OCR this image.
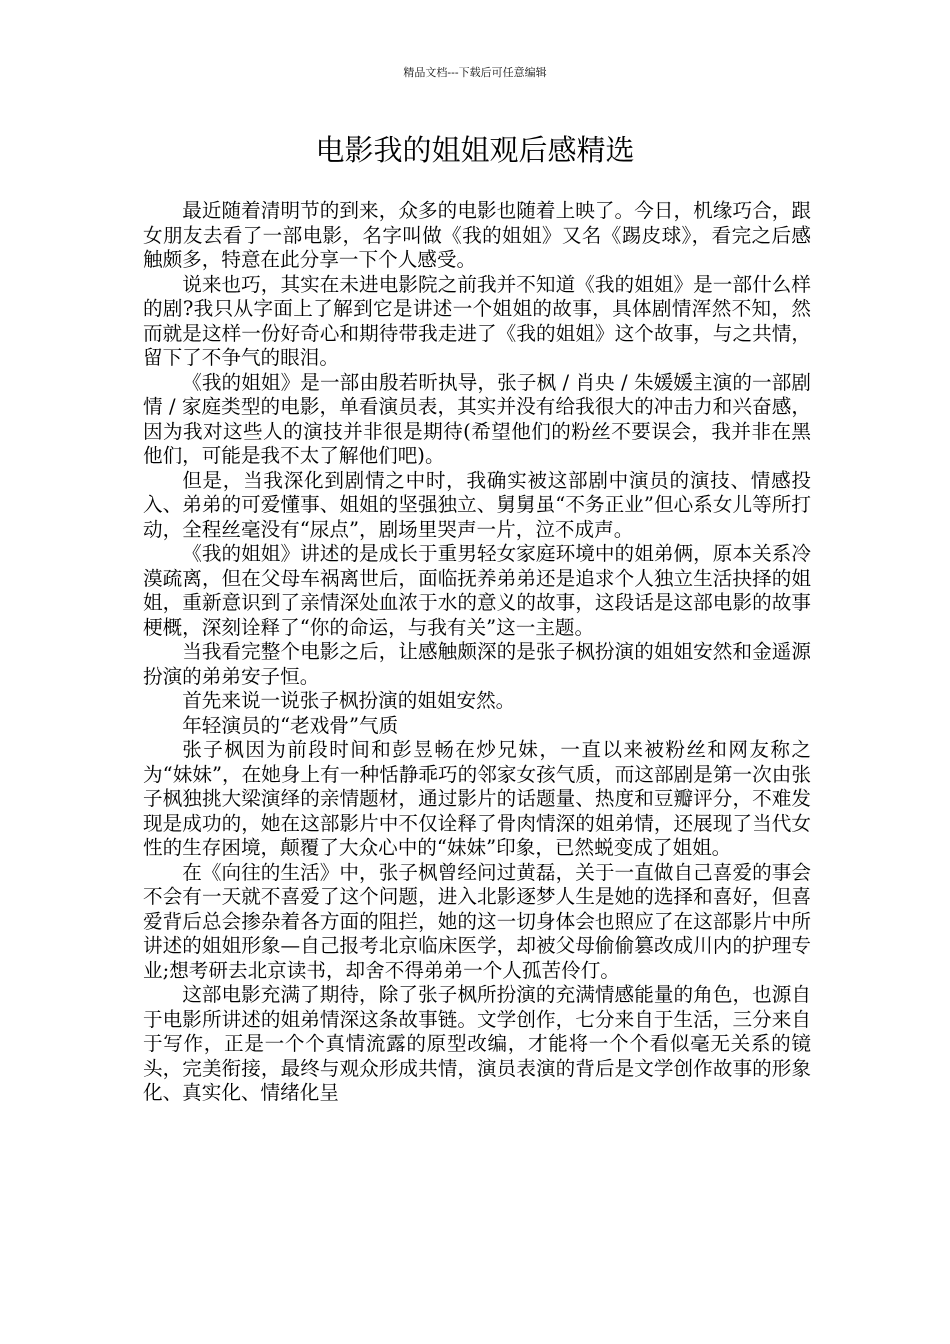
精品文档---下载后可任意编辑
电影我的姐姐观后感精选

最近随着清明节的到来，众多的电影也随着上映了。今日，机缘巧合，跟女朋友去看了一部电影，名字叫做《我的姐姐》又名《踢皮球》，看完之后感触颇多，特意在此分享一下个人感受。

说来也巧，其实在未进电影院之前我并不知道《我的姐姐》是一部什么样的剧?我只从字面上了解到它是讲述一个姐姐的故事，具体剧情浑然不知，然而就是这样一份好奇心和期待带我走进了《我的姐姐》这个故事，与之共情，留下了不争气的眼泪。

《我的姐姐》是一部由殷若昕执导，张子枫 / 肖央 / 朱媛媛主演的一部剧情 / 家庭类型的电影，单看演员表，其实并没有给我很大的冲击力和兴奋感，因为我对这些人的演技并非很是期待(希望他们的粉丝不要误会，我并非在黑他们，可能是我不太了解他们吧)。

但是，当我深化到剧情之中时，我确实被这部剧中演员的演技、情感投入、弟弟的可爱懂事、姐姐的坚强独立、舅舅虽“不务正业”但心系女儿等所打动，全程丝毫没有“尿点”，剧场里哭声一片，泣不成声。

《我的姐姐》讲述的是成长于重男轻女家庭环境中的姐弟俩，原本关系冷漠疏离，但在父母车祸离世后，面临抚养弟弟还是追求个人独立生活抉择的姐姐，重新意识到了亲情深处血浓于水的意义的故事，这段话是这部电影的故事梗概，深刻诠释了“你的命运，与我有关”这一主题。

当我看完整个电影之后，让感触颇深的是张子枫扮演的姐姐安然和金遥源扮演的弟弟安子恒。

首先来说一说张子枫扮演的姐姐安然。

年轻演员的“老戏骨”气质

张子枫因为前段时间和彭昱畅在炒兄妹，一直以来被粉丝和网友称之为“妹妹”，在她身上有一种恬静乖巧的邻家女孩气质，而这部剧是第一次由张子枫独挑大梁演绎的亲情题材，通过影片的话题量、热度和豆瓣评分，不难发现是成功的，她在这部影片中不仅诠释了骨肉情深的姐弟情，还展现了当代女性的生存困境，颠覆了大众心中的“妹妹”印象，已然蜕变成了姐姐。

在《向往的生活》中，张子枫曾经问过黄磊，关于一直做自己喜爱的事会不会有一天就不喜爱了这个问题，进入北影逐梦人生是她的选择和喜好，但喜爱背后总会掺杂着各方面的阻拦，她的这一切身体会也照应了在这部影片中所讲述的姐姐形象—自己报考北京临床医学，却被父母偷偷篡改成川内的护理专业;想考研去北京读书，却舍不得弟弟一个人孤苦伶仃。

这部电影充满了期待，除了张子枫所扮演的充满情感能量的角色，也源自于电影所讲述的姐弟情深这条故事链。文学创作，七分来自于生活，三分来自于写作，正是一个个真情流露的原型改编，才能将一个个看似毫无关系的镜头，完美衔接，最终与观众形成共情，演员表演的背后是文学创作故事的形象化、真实化、情绪化呈
